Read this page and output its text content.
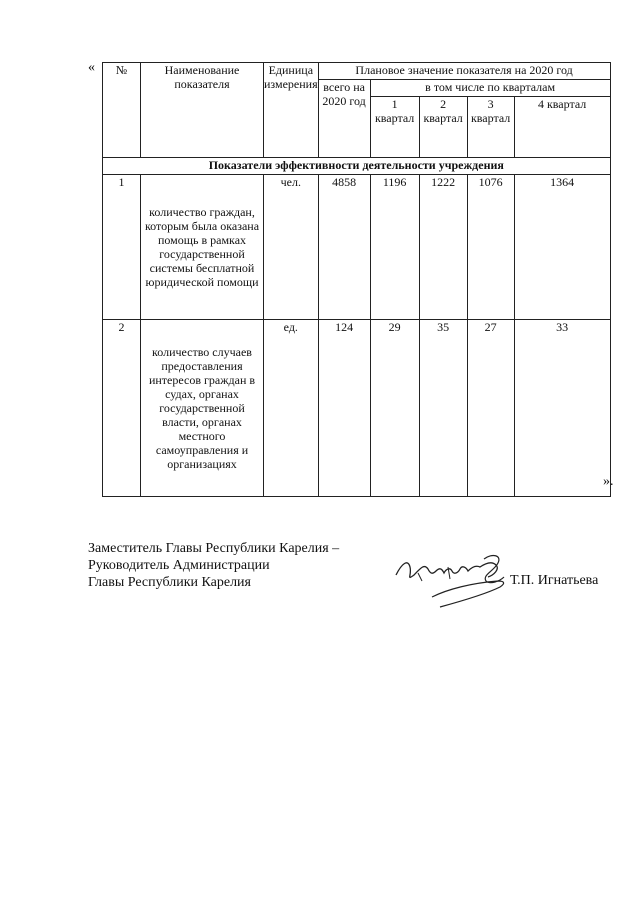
« №	Наименование показателя	Единица измерения	Плановое значение показателя на 2020 год				
			всего на 2020 год	в том числе по кварталам			
				1 квартал	2 квартал	3 квартал	4 квартал
Показатели эффективности деятельности учреждения							
1	количество граждан, которым была оказана помощь в рамках государственной системы бесплатной юридической помощи	чел.	4858	1196	1222	1076	1364
2	количество случаев предоставления интересов граждан в судах, органах государственной власти, органах местного самоуправления и организациях	ед.	124	29	35	27	33
».
Заместитель Главы Республики Карелия –
Руководитель Администрации
Главы Республики Карелия	Т.П. Игнатьева
